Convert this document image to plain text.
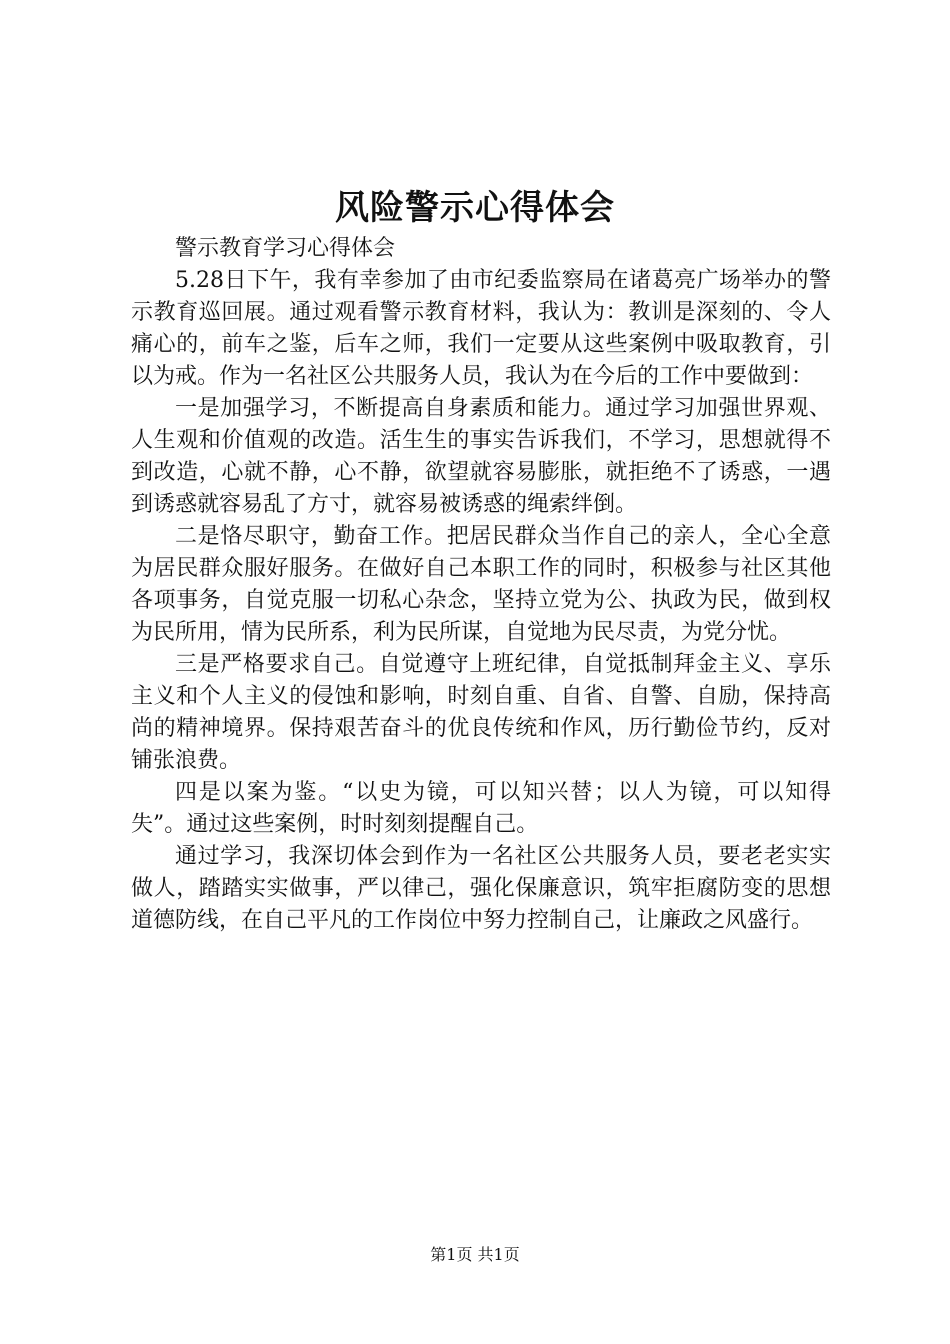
风险警示心得体会

警示教育学习心得体会

5.28日下午，我有幸参加了由市纪委监察局在诸葛亮广场举办的警示教育巡回展。通过观看警示教育材料，我认为：教训是深刻的、令人痛心的，前车之鉴，后车之师，我们一定要从这些案例中吸取教育，引以为戒。作为一名社区公共服务人员，我认为在今后的工作中要做到：

一是加强学习，不断提高自身素质和能力。通过学习加强世界观、人生观和价值观的改造。活生生的事实告诉我们，不学习，思想就得不到改造，心就不静，心不静，欲望就容易膨胀，就拒绝不了诱惑，一遇到诱惑就容易乱了方寸，就容易被诱惑的绳索绊倒。

二是恪尽职守，勤奋工作。把居民群众当作自己的亲人，全心全意为居民群众服好服务。在做好自己本职工作的同时，积极参与社区其他各项事务，自觉克服一切私心杂念，坚持立党为公、执政为民，做到权为民所用，情为民所系，利为民所谋，自觉地为民尽责，为党分忧。

三是严格要求自己。自觉遵守上班纪律，自觉抵制拜金主义、享乐主义和个人主义的侵蚀和影响，时刻自重、自省、自警、自励，保持高尚的精神境界。保持艰苦奋斗的优良传统和作风，历行勤俭节约，反对铺张浪费。

四是以案为鉴。“以史为镜，可以知兴替；以人为镜，可以知得失”。通过这些案例，时时刻刻提醒自己。

通过学习，我深切体会到作为一名社区公共服务人员，要老老实实做人，踏踏实实做事，严以律己，强化保廉意识，筑牢拒腐防变的思想道德防线，在自己平凡的工作岗位中努力控制自己，让廉政之风盛行。

第1页 共1页
